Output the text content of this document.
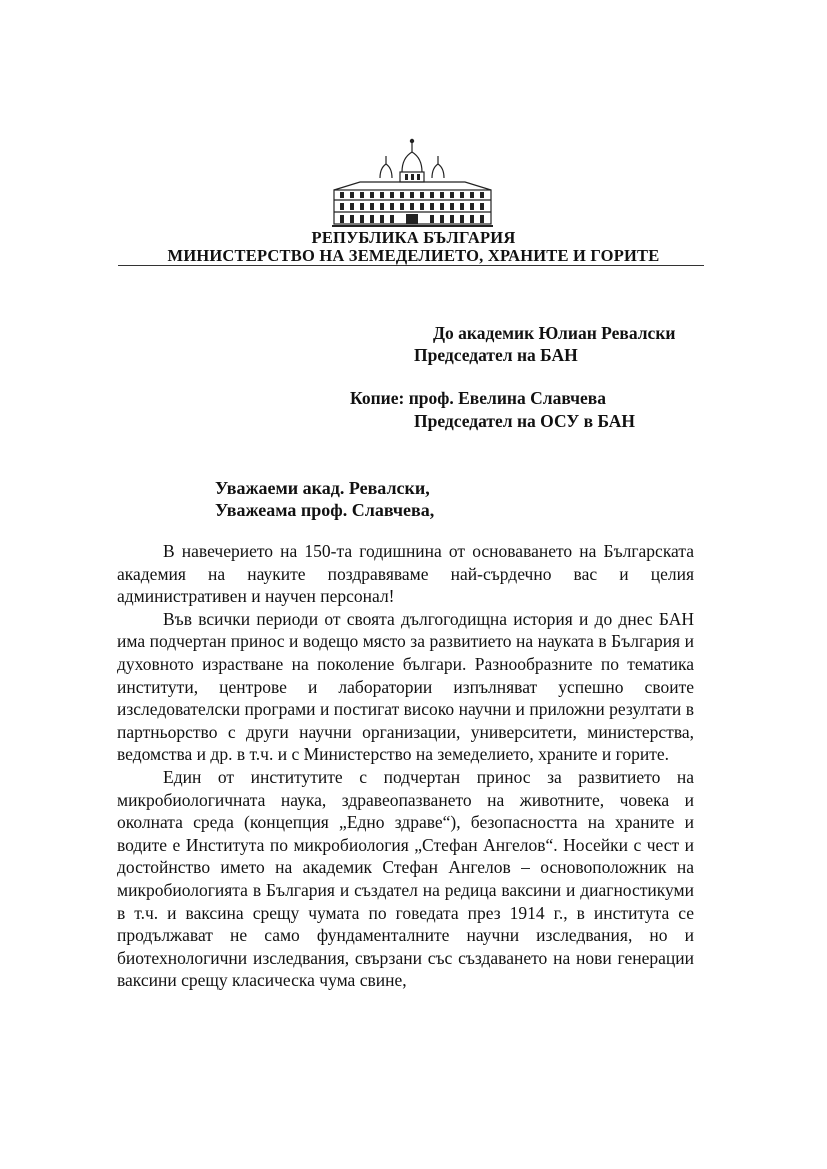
РЕПУБЛИКА БЪЛГАРИЯ
МИНИСТЕРСТВО НА ЗЕМЕДЕЛИЕТО, ХРАНИТЕ И ГОРИТЕ
До академик Юлиан Ревалски
Председател на БАН
Копие: проф. Евелина Славчева
Председател на ОСУ в БАН
Уважаеми акад. Ревалски,
Уважеама проф. Славчева,

В навечерието на 150-та годишнина от основаването на Българската академия на науките поздравяваме най-сърдечно вас и целия административен и научен персонал!

Във всички периоди от своята дългогодищна история и до днес БАН има подчертан принос и водещо място за развитието на науката в България и духовното израстване на поколение българи. Разнообразните по тематика институти, центрове и лаборатории изпълняват успешно своите изследователски програми и постигат високо научни и приложни резултати в партньорство с други научни организации, университети, министерства, ведомства и др. в т.ч. и с Министерство на земеделието, храните и горите.

Един от институтите с подчертан принос за развитието на микробиологичната наука, здравеопазването на животните, човека и околната среда (концепция „Едно здраве“), безопасността на храните и водите е Института по микробиология „Стефан Ангелов“. Носейки с чест и достойнство името на академик Стефан Ангелов – основоположник на микробиологията в България и създател на редица ваксини и диагностикуми в т.ч. и ваксина срещу чумата по говедата през 1914 г., в института се продължават не само фундаменталните научни изследвания, но и биотехнологични изследвания, свързани със създаването на нови генерации ваксини срещу класическа чума свине,
